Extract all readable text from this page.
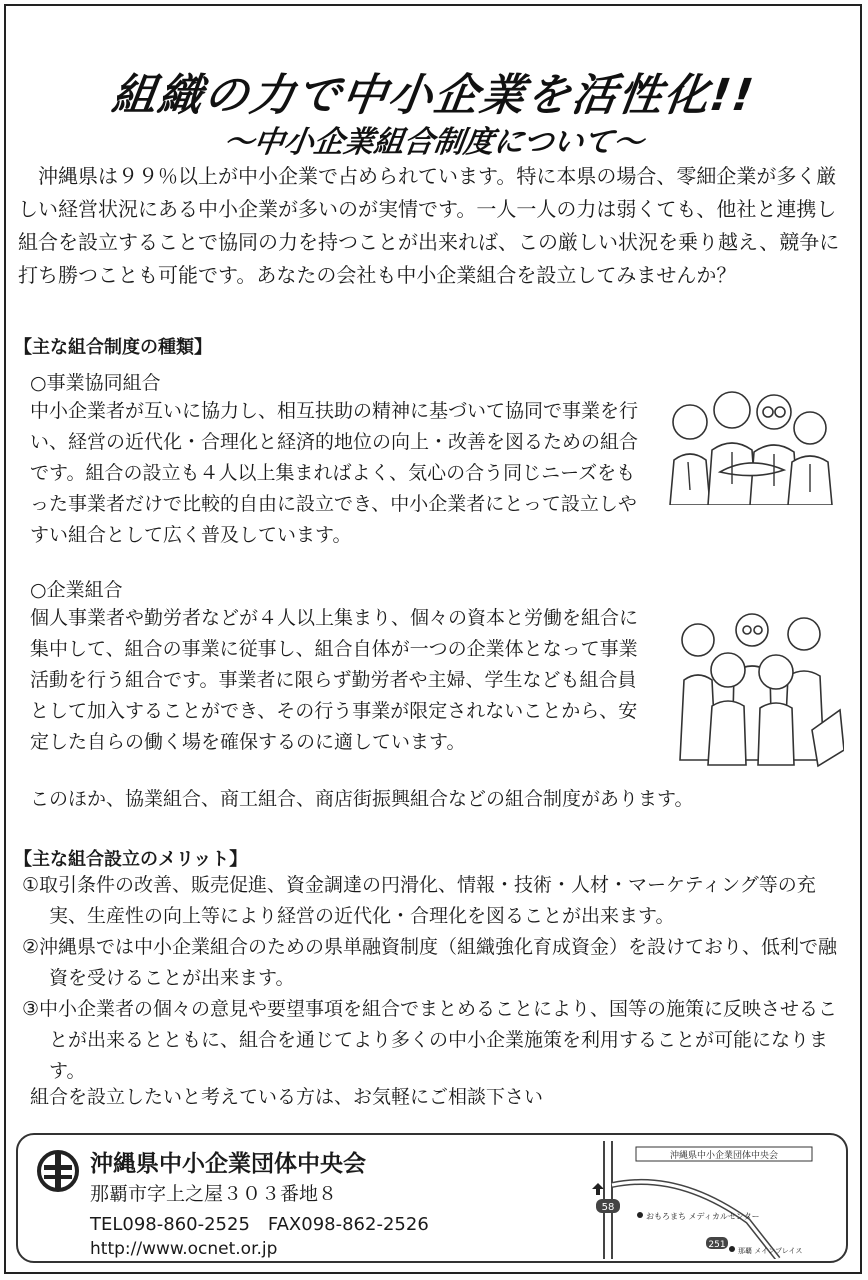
組織の力で中小企業を活性化!!
～中小企業組合制度について～

沖縄県は９９％以上が中小企業で占められています。特に本県の場合、零細企業が多く厳しい経営状況にある中小企業が多いのが実情です。一人一人の力は弱くても、他社と連携し組合を設立することで協同の力を持つことが出来れば、この厳しい状況を乗り越え、競争に打ち勝つことも可能です。あなたの会社も中小企業組合を設立してみませんか？

【主な組合制度の種類】

○事業協同組合

中小企業者が互いに協力し、相互扶助の精神に基づいて協同で事業を行い、経営の近代化・合理化と経済的地位の向上・改善を図るための組合です。組合の設立も４人以上集まればよく、気心の合う同じニーズをもった事業者だけで比較的自由に設立でき、中小企業者にとって設立しやすい組合として広く普及しています。

○企業組合

個人事業者や勤労者などが４人以上集まり、個々の資本と労働を組合に集中して、組合の事業に従事し、組合自体が一つの企業体となって事業活動を行う組合です。事業者に限らず勤労者や主婦、学生なども組合員として加入することができ、その行う事業が限定されないことから、安定した自らの働く場を確保するのに適しています。

このほか、協業組合、商工組合、商店街振興組合などの組合制度があります。

【主な組合設立のメリット】
①取引条件の改善、販売促進、資金調達の円滑化、情報・技術・人材・マーケティング等の充実、生産性の向上等により経営の近代化・合理化を図ることが出来ます。
②沖縄県では中小企業組合のための県単融資制度（組織強化育成資金）を設けており、低利で融資を受けることが出来ます。
③中小企業者の個々の意見や要望事項を組合でまとめることにより、国等の施策に反映させることが出来るとともに、組合を通じてより多くの中小企業施策を利用することが可能になります。

組合を設立したいと考えている方は、お気軽にご相談下さい

沖縄県中小企業団体中央会

那覇市字上之屋３０３番地８

TEL098-860-2525　FAX098-862-2526

http://www.ocnet.or.jp

沖縄県中小企業団体中央会
58
251
おもろまち メディカルセンター
那覇 メインプレイス
